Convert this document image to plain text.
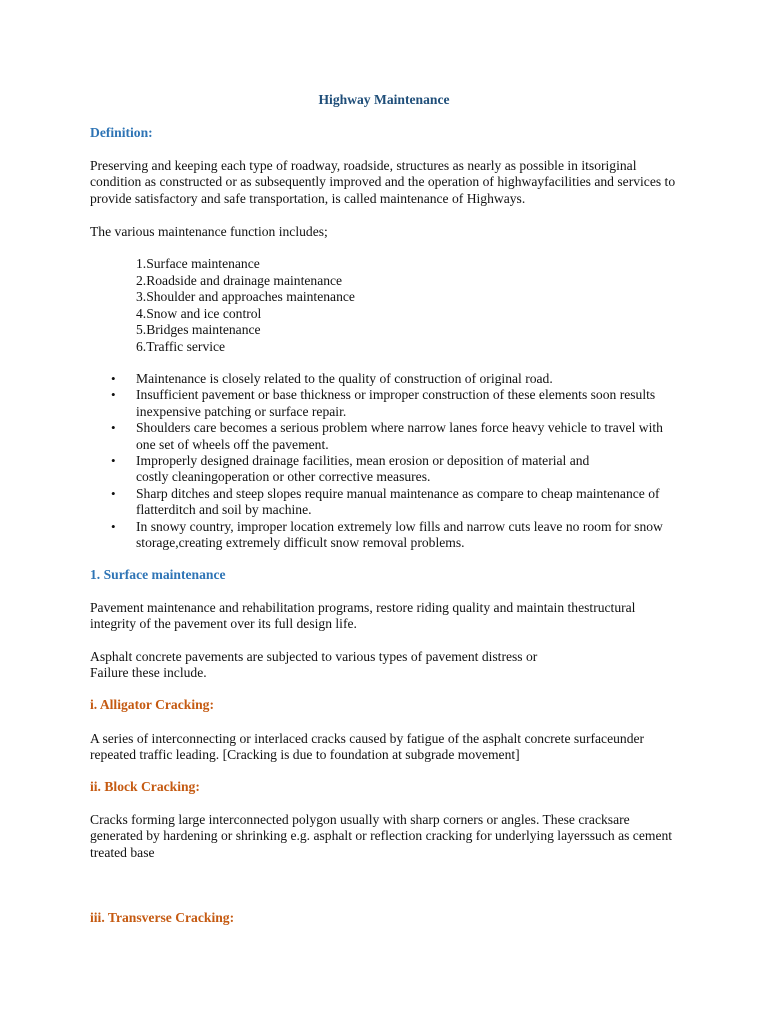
Highway Maintenance
Definition:
Preserving and keeping each type of roadway, roadside, structures as nearly as possible in itsoriginal condition as constructed or as subsequently improved and the operation of highwayfacilities and services to provide satisfactory and safe transportation, is called maintenance of Highways.
The various maintenance function includes;
1.Surface maintenance
2.Roadside and drainage maintenance
3.Shoulder and approaches maintenance
4.Snow and ice control
5.Bridges maintenance
6.Traffic service
• Maintenance is closely related to the quality of construction of original road.
• Insufficient pavement or base thickness or improper construction of these elements soon results inexpensive patching or surface repair.
• Shoulders care becomes a serious problem where narrow lanes force heavy vehicle to travel with one set of wheels off the pavement.
• Improperly designed drainage facilities, mean erosion or deposition of material and costly cleaningoperation or other corrective measures.
• Sharp ditches and steep slopes require manual maintenance as compare to cheap maintenance of flatterditch and soil by machine.
• In snowy country, improper location extremely low fills and narrow cuts leave no room for snow storage,creating extremely difficult snow removal problems.
1. Surface maintenance
Pavement maintenance and rehabilitation programs, restore riding quality and maintain thestructural integrity of the pavement over its full design life.
Asphalt concrete pavements are subjected to various types of pavement distress or
Failure these include.
i. Alligator Cracking:
A series of interconnecting or interlaced cracks caused by fatigue of the asphalt concrete surfaceunder repeated traffic leading. [Cracking is due to foundation at subgrade movement]
ii. Block Cracking:
Cracks forming large interconnected polygon usually with sharp corners or angles. These cracksare generated by hardening or shrinking e.g. asphalt or reflection cracking for underlying layerssuch as cement treated base
iii. Transverse Cracking:
